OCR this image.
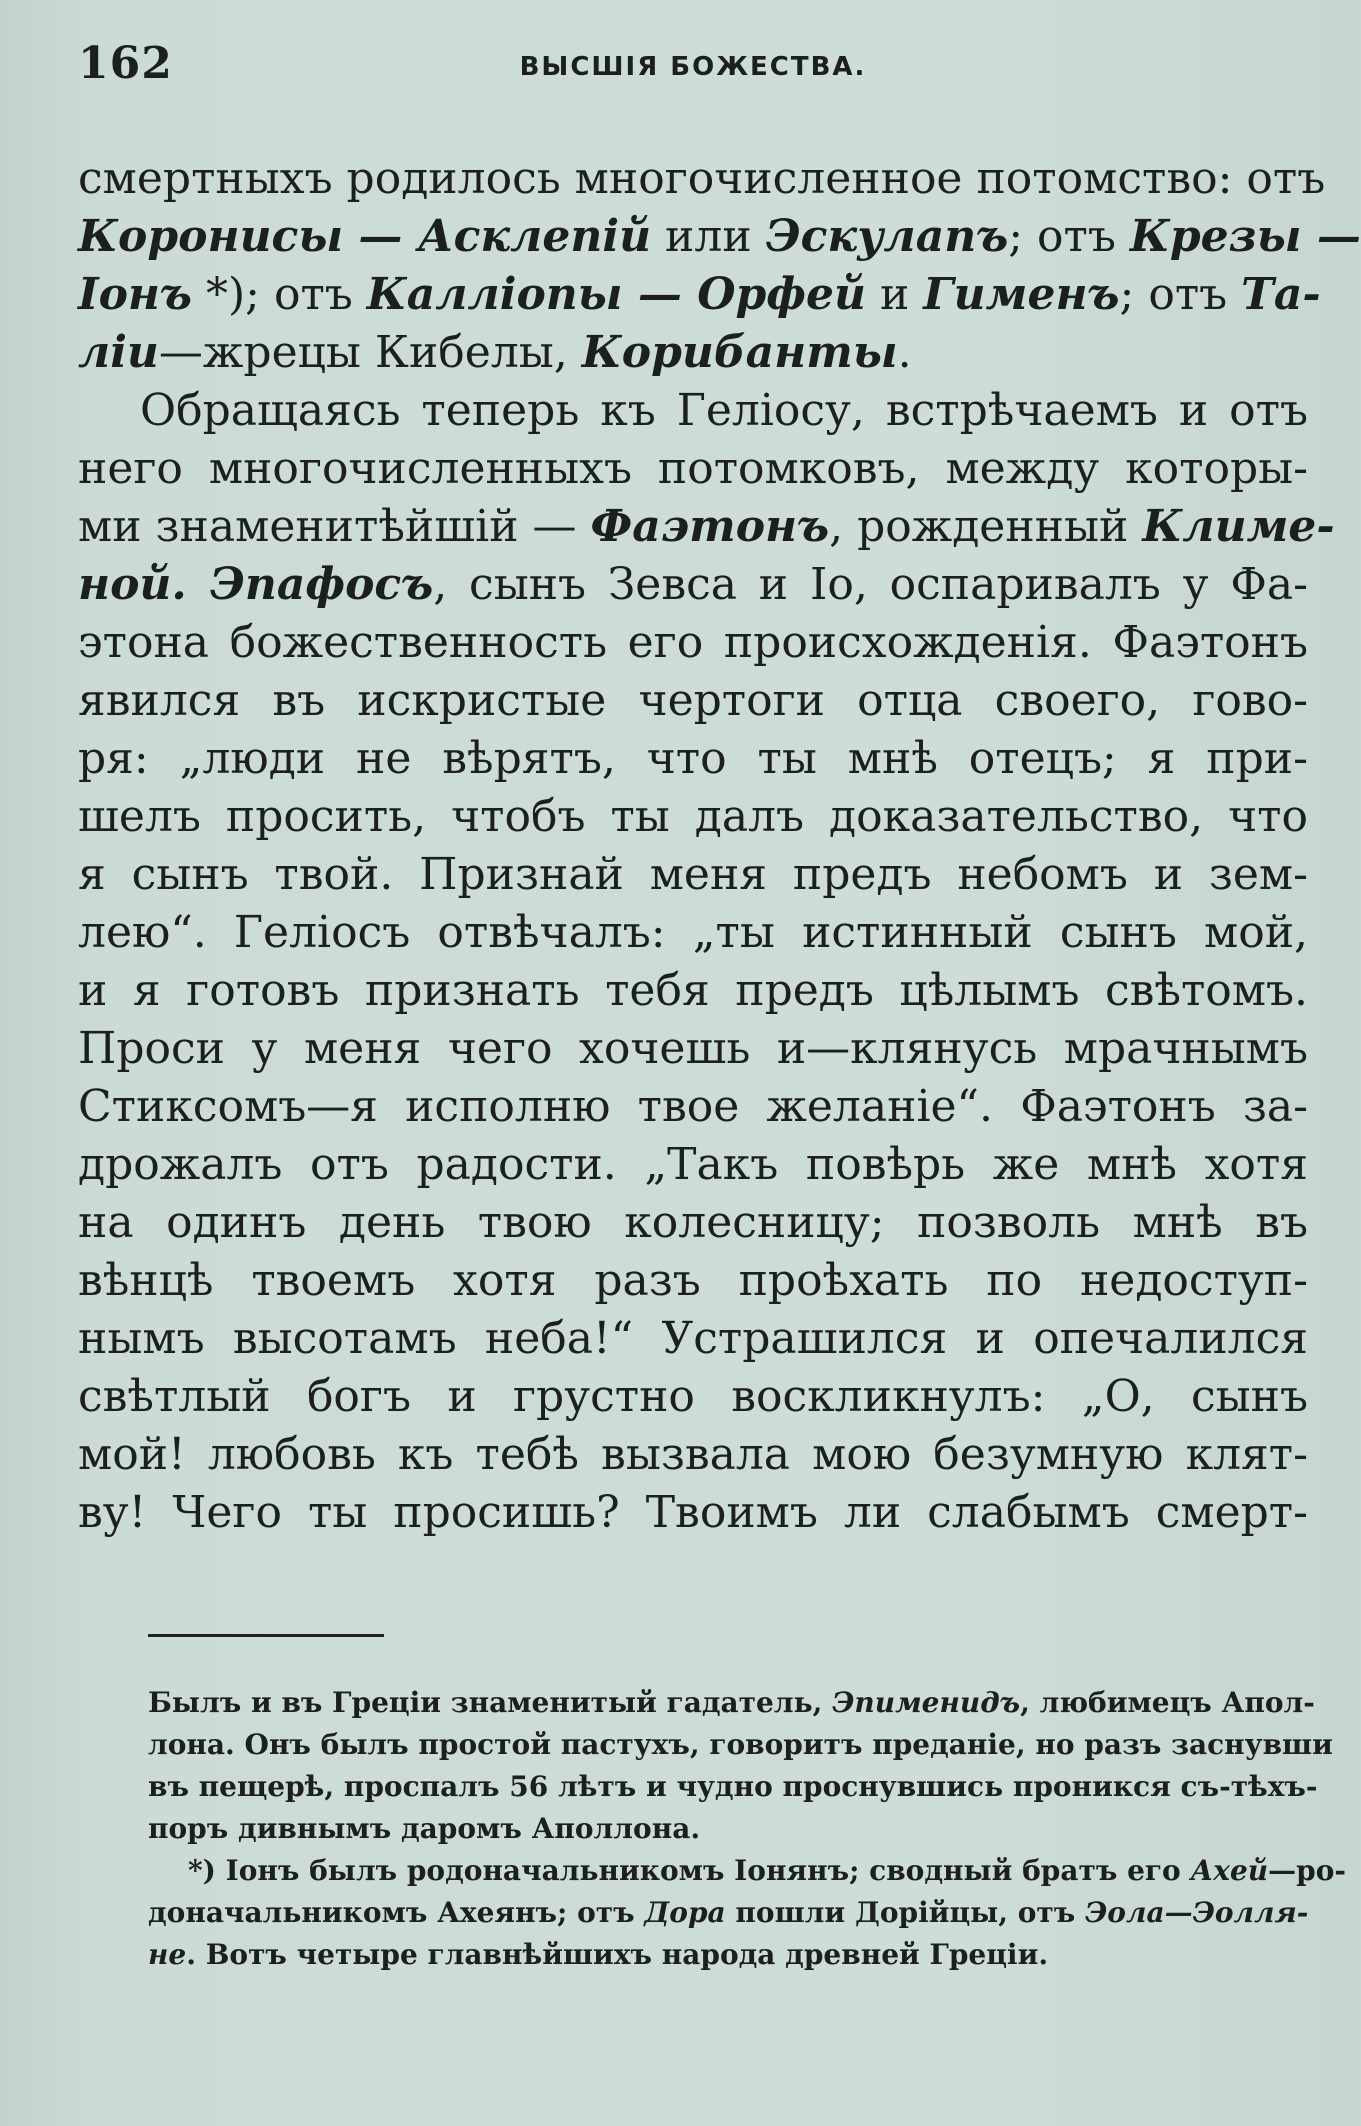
162	ВЫСШІЯ БОЖЕСТВА.
смертныхъ родилось многочисленное потомство: отъ
Коронисы — Асклепій или Эскулапъ; отъ Крезы —
Іонъ *); отъ Калліопы — Орфей и Гименъ; отъ Та-
ліи—жрецы Кибелы, Корибанты.
Обращаясь теперь къ Геліосу, встрѣчаемъ и отъ
него многочисленныхъ потомковъ, между которы-
ми знаменитѣйшій — Фаэтонъ, рожденный Климе-
ной. Эпафосъ, сынъ Зевса и Іо, оспаривалъ у Фа-
этона божественность его происхожденія. Фаэтонъ
явился въ искристые чертоги отца своего, гово-
ря: „люди не вѣрятъ, что ты мнѣ отецъ; я при-
шелъ просить, чтобъ ты далъ доказательство, что
я сынъ твой. Признай меня предъ небомъ и зем-
лею“. Геліосъ отвѣчалъ: „ты истинный сынъ мой,
и я готовъ признать тебя предъ цѣлымъ свѣтомъ.
Проси у меня чего хочешь и—клянусь мрачнымъ
Стиксомъ—я исполню твое желаніе“. Фаэтонъ за-
дрожалъ отъ радости. „Такъ повѣрь же мнѣ хотя
на одинъ день твою колесницу; позволь мнѣ въ
вѣнцѣ твоемъ хотя разъ проѣхать по недоступ-
нымъ высотамъ неба!“ Устрашился и опечалился
свѣтлый богъ и грустно воскликнулъ: „О, сынъ
мой! любовь къ тебѣ вызвала мою безумную клят-
ву! Чего ты просишь? Твоимъ ли слабымъ смерт-
Былъ и въ Греціи знаменитый гадатель, Эпименидъ, любимецъ Апол-
лона. Онъ былъ простой пастухъ, говоритъ преданіе, но разъ заснувши
въ пещерѣ, проспалъ 56 лѣтъ и чудно проснувшись проникся съ-тѣхъ-
поръ дивнымъ даромъ Аполлона.
*) Іонъ былъ родоначальникомъ Іонянъ; сводный братъ его Ахей—ро-
доначальникомъ Ахеянъ; отъ Дора пошли Дорійцы, отъ Эола—Эолля-
не. Вотъ четыре главнѣйшихъ народа древней Греціи.
